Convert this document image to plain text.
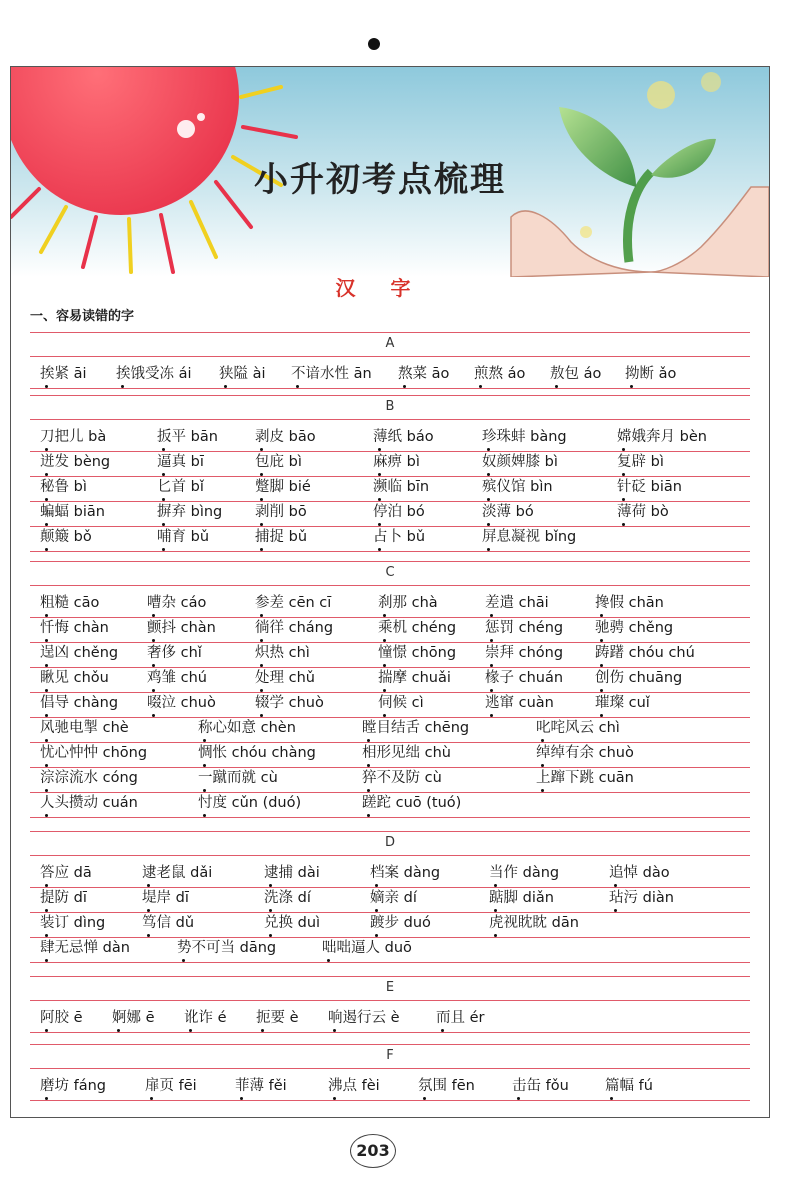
小升初考点梳理
汉 字
一、容易读错的字
A
挨紧 āi 挨饿受冻 ái 狭隘 ài 不谙水性 ān 熬菜 āo 煎熬 áo 敖包 áo 拗断 ǎo
B
刀把儿 bà	扳平 bān	剥皮 bāo	薄纸 báo	珍珠蚌 bàng	嫦娥奔月 bèn
迸发 bèng	逼真 bī	包庇 bì	麻痹 bì	奴颜婢膝 bì	复辟 bì
秘鲁 bì	匕首 bǐ	蹩脚 bié	濒临 bīn	殡仪馆 bìn	针砭 biān
蝙蝠 biān	摒弃 bìng 剥削 bō	停泊 bó	淡薄 bó	薄荷 bò
颠簸 bǒ	哺育 bǔ	捕捉 bǔ	占卜 bǔ	屏息凝视 bǐng
C
粗糙 cāo	嘈杂 cáo	参差 cēn cī	刹那 chà	差遣 chāi	搀假 chān
忏悔 chàn	颤抖 chàn	徜徉 cháng	乘机 chéng 惩罚 chéng 驰骋 chěng
逞凶 chěng 奢侈 chǐ	炽热 chì	憧憬 chōng 崇拜 chóng 踌躇 chóu chú
瞅见 chǒu	鸡雏 chú	处理 chǔ	揣摩 chuǎi 椽子 chuán 创伤 chuāng
倡导 chàng 啜泣 chuò	辍学 chuò	伺候 cì	逃窜 cuàn	璀璨 cuǐ
风驰电掣 chè	称心如意 chèn	瞠目结舌 chēng	叱咤风云 chì
忧心忡忡 chōng	惆怅 chóu chàng	相形见绌 chù	绰绰有余 chuò
淙淙流水 cóng	一蹴而就 cù	猝不及防 cù	上蹿下跳 cuān
人头攒动 cuán	忖度 cǔn (duó)	蹉跎 cuō (tuó)
D
答应 dā	逮老鼠 dǎi	逮捕 dài	档案 dàng	当作 dàng	追悼 dào
提防 dī	堤岸 dī	洗涤 dí	嫡亲 dí	踮脚 diǎn	玷污 diàn
装订 dìng	笃信 dǔ	兑换 duì	踱步 duó	虎视眈眈 dān
肆无忌惮 dàn	势不可当 dāng	咄咄逼人 duō
E
阿胶 ē 婀娜 ē 讹诈 é 扼要 è 响遏行云 è	而且 ér
F
磨坊 fáng	扉页 fēi	菲薄 fěi	沸点 fèi	氛围 fēn	击缶 fǒu 篇幅 fú
203
